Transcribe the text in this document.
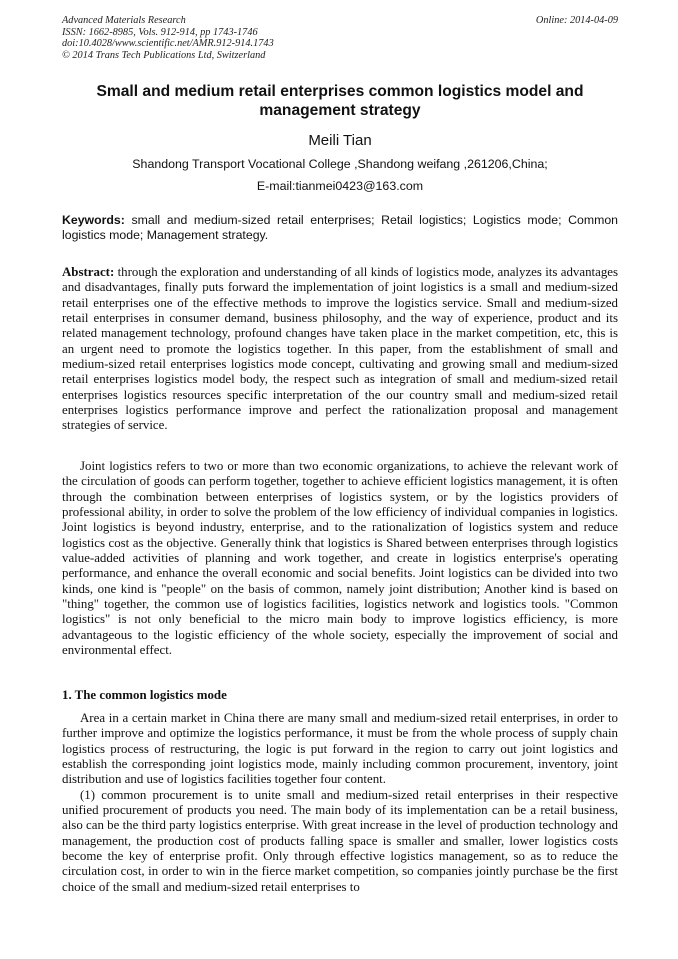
Advanced Materials Research
ISSN: 1662-8985, Vols. 912-914, pp 1743-1746
doi:10.4028/www.scientific.net/AMR.912-914.1743
© 2014 Trans Tech Publications Ltd, Switzerland
Online: 2014-04-09
Small and medium retail enterprises common logistics model and management strategy
Meili Tian
Shandong Transport Vocational College ,Shandong weifang ,261206,China;
E-mail:tianmei0423@163.com
Keywords: small and medium-sized retail enterprises; Retail logistics; Logistics mode; Common logistics mode; Management strategy.
Abstract: through the exploration and understanding of all kinds of logistics mode, analyzes its advantages and disadvantages, finally puts forward the implementation of joint logistics is a small and medium-sized retail enterprises one of the effective methods to improve the logistics service. Small and medium-sized retail enterprises in consumer demand, business philosophy, and the way of experience, product and its related management technology, profound changes have taken place in the market competition, etc, this is an urgent need to promote the logistics together. In this paper, from the establishment of small and medium-sized retail enterprises logistics mode concept, cultivating and growing small and medium-sized retail enterprises logistics model body, the respect such as integration of small and medium-sized retail enterprises logistics resources specific interpretation of the our country small and medium-sized retail enterprises logistics performance improve and perfect the rationalization proposal and management strategies of service.
Joint logistics refers to two or more than two economic organizations, to achieve the relevant work of the circulation of goods can perform together, together to achieve efficient logistics management, it is often through the combination between enterprises of logistics system, or by the logistics providers of professional ability, in order to solve the problem of the low efficiency of individual companies in logistics. Joint logistics is beyond industry, enterprise, and to the rationalization of logistics system and reduce logistics cost as the objective. Generally think that logistics is Shared between enterprises through logistics value-added activities of planning and work together, and create in logistics enterprise's operating performance, and enhance the overall economic and social benefits. Joint logistics can be divided into two kinds, one kind is "people" on the basis of common, namely joint distribution; Another kind is based on "thing" together, the common use of logistics facilities, logistics network and logistics tools. "Common logistics" is not only beneficial to the micro main body to improve logistics efficiency, is more advantageous to the logistic efficiency of the whole society, especially the improvement of social and environmental effect.
1. The common logistics mode

Area in a certain market in China there are many small and medium-sized retail enterprises, in order to further improve and optimize the logistics performance, it must be from the whole process of supply chain logistics process of restructuring, the logic is put forward in the region to carry out joint logistics and establish the corresponding joint logistics mode, mainly including common procurement, inventory, joint distribution and use of logistics facilities together four content.

(1) common procurement is to unite small and medium-sized retail enterprises in their respective unified procurement of products you need. The main body of its implementation can be a retail business, also can be the third party logistics enterprise. With great increase in the level of production technology and management, the production cost of products falling space is smaller and smaller, lower logistics costs become the key of enterprise profit. Only through effective logistics management, so as to reduce the circulation cost, in order to win in the fierce market competition, so companies jointly purchase be the first choice of the small and medium-sized retail enterprises to
